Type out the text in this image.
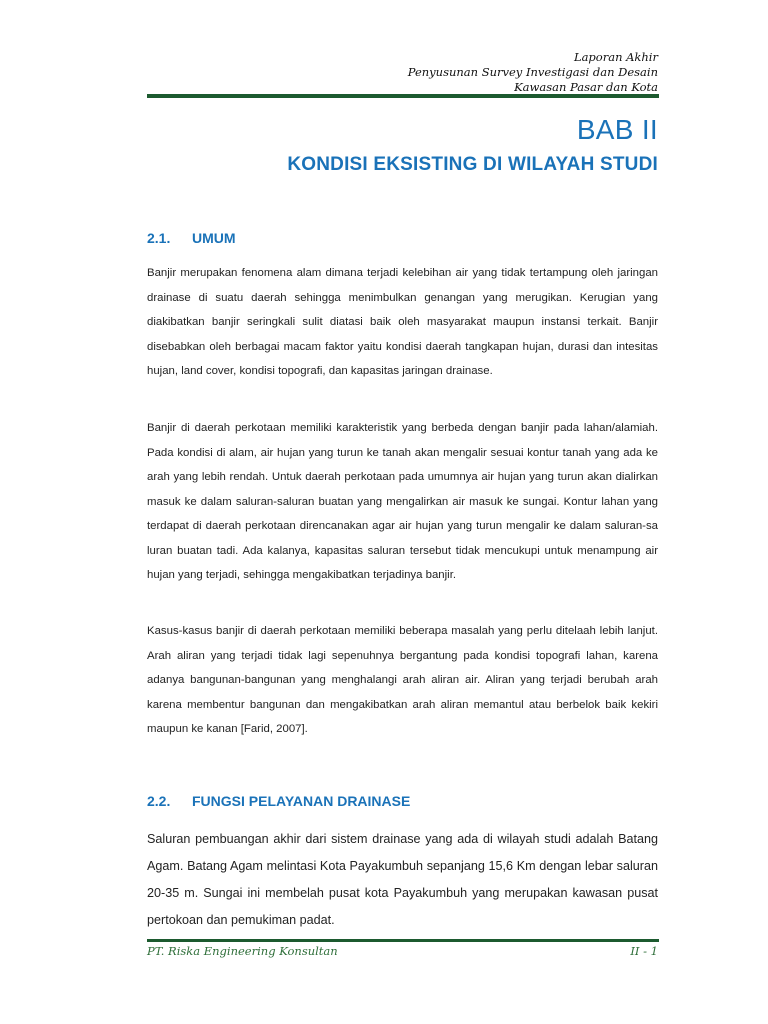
Laporan Akhir
Penyusunan Survey Investigasi dan Desain
Kawasan Pasar dan Kota
BAB II
KONDISI EKSISTING DI WILAYAH STUDI
2.1. UMUM

Banjir merupakan fenomena alam dimana terjadi kelebihan air yang tidak tertampung oleh jaringan drainase di suatu daerah sehingga menimbulkan genangan yang merugikan. Kerugian yang diakibatkan banjir seringkali sulit diatasi baik oleh masyarakat maupun instansi terkait. Banjir disebabkan oleh berbagai macam faktor yaitu kondisi daerah tangkapan hujan, durasi dan intesitas hujan, land cover, kondisi topografi, dan kapasitas jaringan drainase.

Banjir di daerah perkotaan memiliki karakteristik yang berbeda dengan banjir pada lahan/alamiah. Pada kondisi di alam, air hujan yang turun ke tanah akan mengalir sesuai kontur tanah yang ada ke arah yang lebih rendah. Untuk daerah perkotaan pada umumnya air hujan yang turun akan dialirkan masuk ke dalam saluran-saluran buatan yang mengalirkan air masuk ke sungai. Kontur lahan yang terdapat di daerah perkotaan direncanakan agar air hujan yang turun mengalir ke dalam saluran-sa luran buatan tadi. Ada kalanya, kapasitas saluran tersebut tidak mencukupi untuk menampung air hujan yang terjadi, sehingga mengakibatkan terjadinya banjir.

Kasus-kasus banjir di daerah perkotaan memiliki beberapa masalah yang perlu ditelaah lebih lanjut. Arah aliran yang terjadi tidak lagi sepenuhnya bergantung pada kondisi topografi lahan, karena adanya bangunan-bangunan yang menghalangi arah aliran air. Aliran yang terjadi berubah arah karena membentur bangunan dan mengakibatkan arah aliran memantul atau berbelok baik kekiri maupun ke kanan [Farid, 2007].

2.2. FUNGSI PELAYANAN DRAINASE

Saluran pembuangan akhir dari sistem drainase yang ada di wilayah studi adalah Batang Agam. Batang Agam melintasi Kota Payakumbuh sepanjang 15,6 Km dengan lebar saluran 20-35 m. Sungai ini membelah pusat kota Payakumbuh yang merupakan kawasan pusat pertokoan dan pemukiman padat.

PT. Riska Engineering Konsultan	II - 1
